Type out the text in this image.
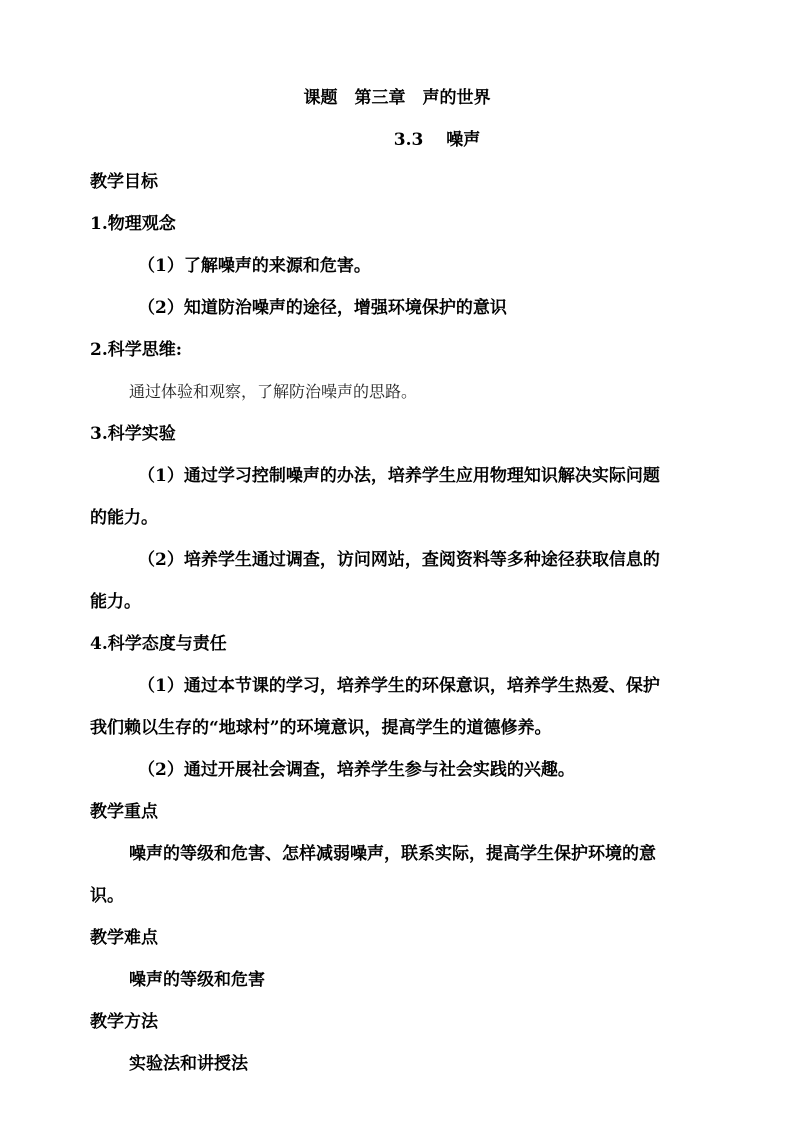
课题　第三章　声的世界
3.3　 噪声
教学目标
1.物理观念
（1）了解噪声的来源和危害。
（2）知道防治噪声的途径，增强环境保护的意识
2.科学思维:
通过体验和观察，了解防治噪声的思路。
3.科学实验
（1）通过学习控制噪声的办法，培养学生应用物理知识解决实际问题
的能力。
（2）培养学生通过调查，访问网站，查阅资料等多种途径获取信息的
能力。
4.科学态度与责任
（1）通过本节课的学习，培养学生的环保意识，培养学生热爱、保护
我们赖以生存的“地球村”的环境意识，提高学生的道德修养。
（2）通过开展社会调查，培养学生参与社会实践的兴趣。
教学重点
噪声的等级和危害、怎样减弱噪声，联系实际，提高学生保护环境的意
识。
教学难点
噪声的等级和危害
教学方法
实验法和讲授法
